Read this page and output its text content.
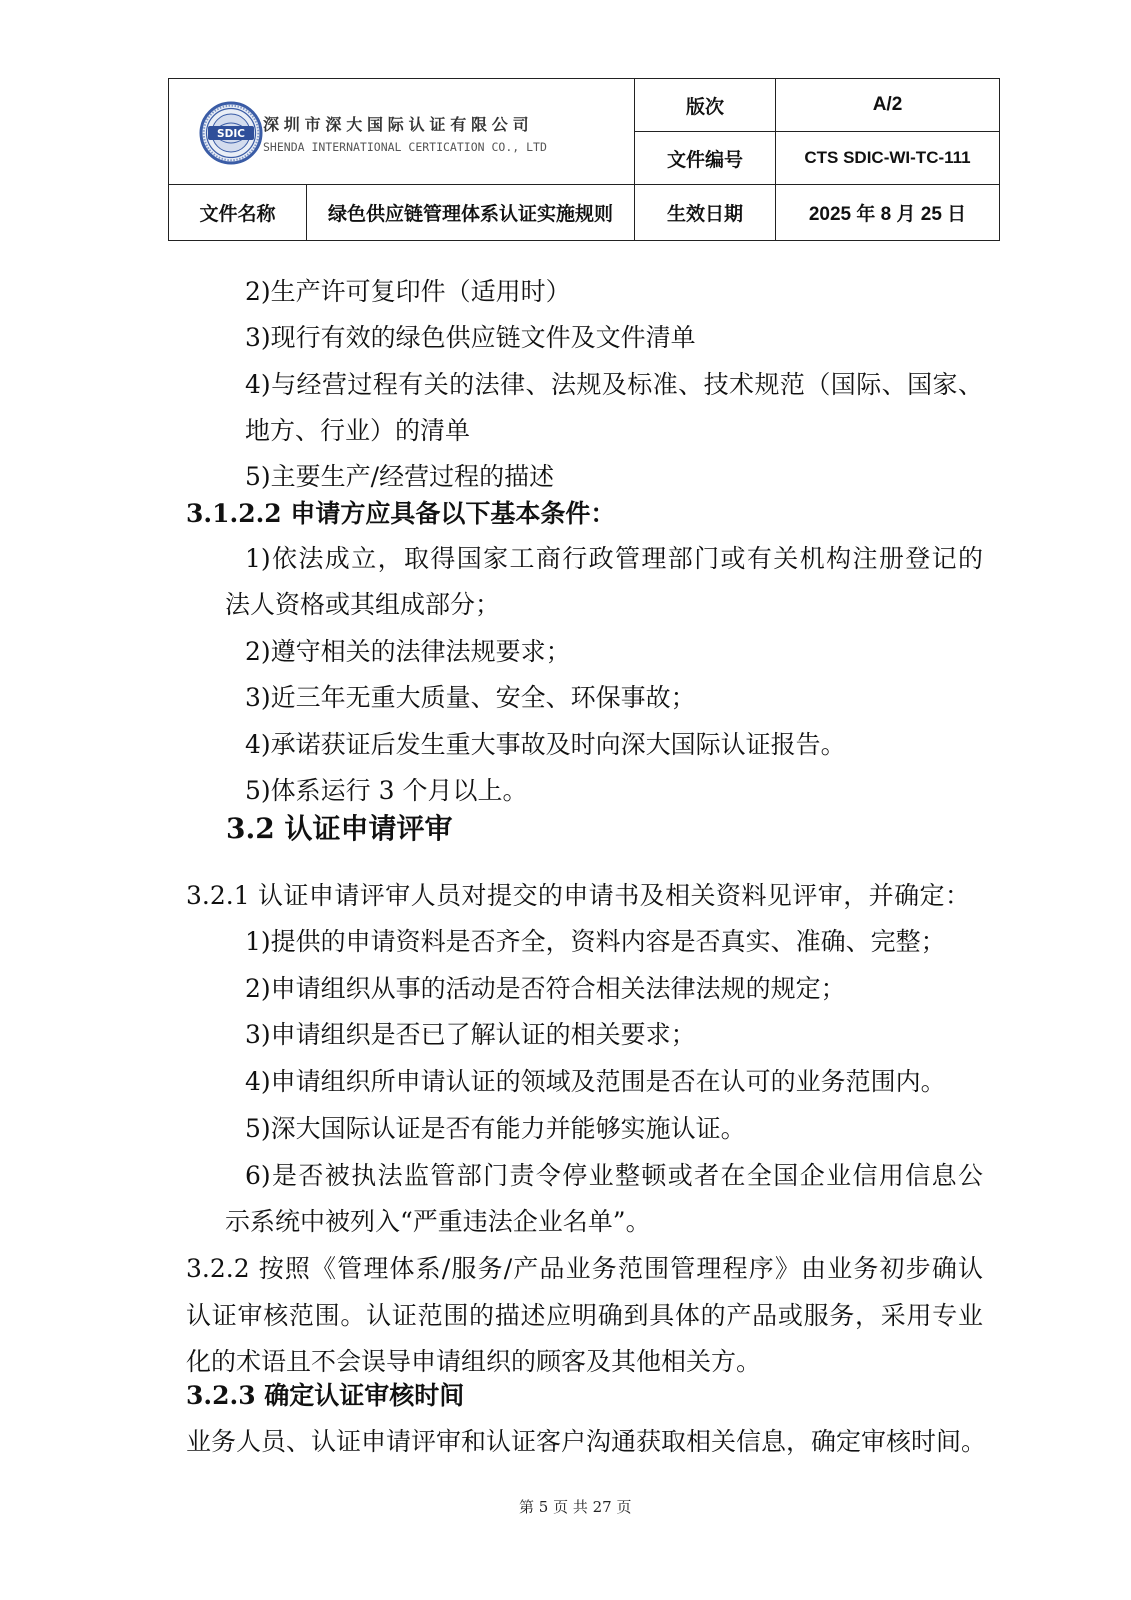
SDIC 深圳市深大国际认证有限公司
SHENDA INTERNATIONAL CERTICATION CO., LTD		版次	A/2
		文件编号	CTS SDIC-WI-TC-111
文件名称	绿色供应链管理体系认证实施规则	生效日期	2025 年 8 月 25 日
2)生产许可复印件（适用时）
3)现行有效的绿色供应链文件及文件清单
4)与经营过程有关的法律、法规及标准、技术规范（国际、国家、
地方、行业）的清单
5)主要生产/经营过程的描述
3.1.2.2 申请方应具备以下基本条件：
1)依法成立，取得国家工商行政管理部门或有关机构注册登记的
法人资格或其组成部分；
2)遵守相关的法律法规要求；
3)近三年无重大质量、安全、环保事故；
4)承诺获证后发生重大事故及时向深大国际认证报告。
5)体系运行 3 个月以上。
3.2 认证申请评审
3.2.1 认证申请评审人员对提交的申请书及相关资料见评审，并确定：
1)提供的申请资料是否齐全，资料内容是否真实、准确、完整；
2)申请组织从事的活动是否符合相关法律法规的规定；
3)申请组织是否已了解认证的相关要求；
4)申请组织所申请认证的领域及范围是否在认可的业务范围内。
5)深大国际认证是否有能力并能够实施认证。
6)是否被执法监管部门责令停业整顿或者在全国企业信用信息公
示系统中被列入“严重违法企业名单”。
3.2.2 按照《管理体系/服务/产品业务范围管理程序》由业务初步确认
认证审核范围。认证范围的描述应明确到具体的产品或服务，采用专业
化的术语且不会误导申请组织的顾客及其他相关方。
3.2.3 确定认证审核时间
业务人员、认证申请评审和认证客户沟通获取相关信息，确定审核时间。
第 5 页 共 27 页
